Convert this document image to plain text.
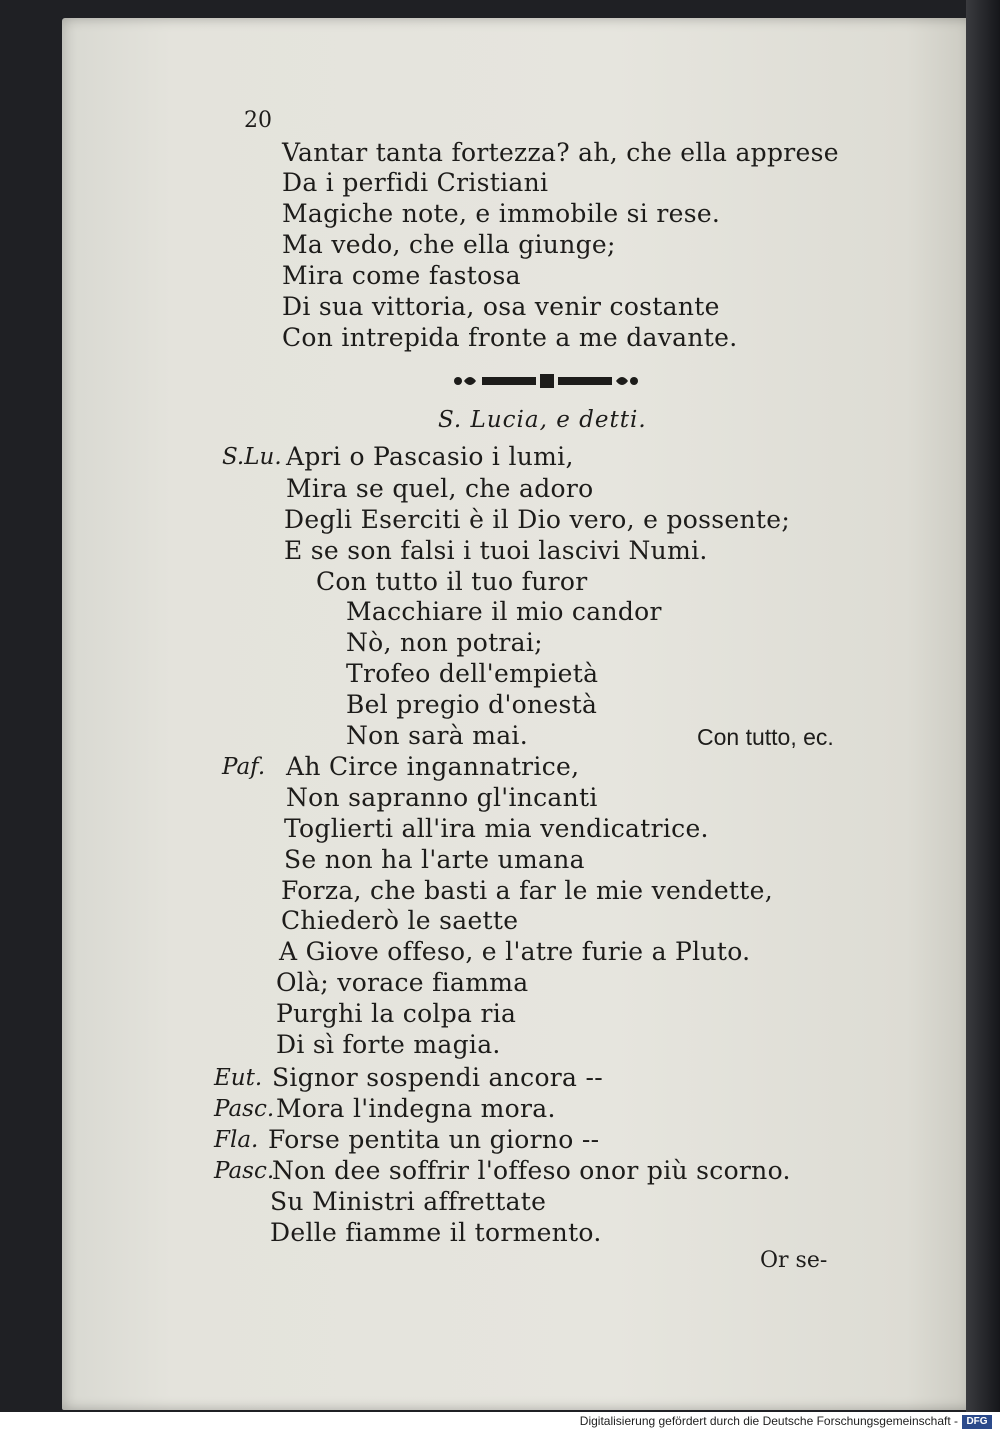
20
Vantar tanta fortezza? ah, che ella apprese
Da i perfidi Cristiani
Magiche note, e immobile si rese.
Ma vedo, che ella giunge;
Mira come fastosa
Di sua vittoria, osa venir costante
Con intrepida fronte a me davante.
S. Lucia, e detti.
S.Lu. Apri o Pascasio i lumi,
Mira se quel, che adoro
Degli Eserciti è il Dio vero, e possente;
E se son falsi i tuoi lascivi Numi.
Con tutto il tuo furor
Macchiare il mio candor
Nò, non potrai;
Trofeo dell'empietà
Bel pregio d'onestà
Non sarà mai.	Con tutto, ec.
Paf. Ah Circe ingannatrice,
Non sapranno gl'incanti
Toglierti all'ira mia vendicatrice.
Se non ha l'arte umana
Forza, che basti a far le mie vendette,
Chiederò le saette
A Giove offeso, e l'atre furie a Pluto.
Olà; vorace fiamma
Purghi la colpa ria
Di sì forte magia.
Eut. Signor sospendi ancora --
Pasc. Mora l'indegna mora.
Fla. Forse pentita un giorno --
Pasc.
Non dee soffrir l'offeso onor più scorno.
Su Ministri affrettate
Delle fiamme il tormento.
Or se-
Digitalisierung gefördert durch die Deutsche Forschungsgemeinschaft - DFG
